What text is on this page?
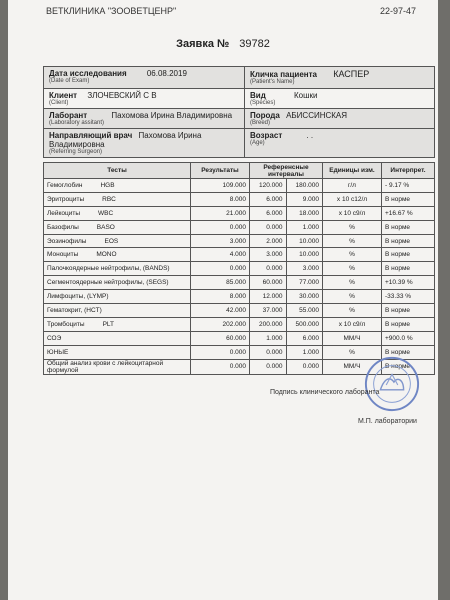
ВЕТКЛИНИКА "ЗООВЕТЦЕНР"	22-97-47
Заявка № 39782
Дата исследования 06.08.2019
(Date of Exam)	Кличка пациента КАСПЕР
(Patient's Name)

Клиент ЗЛОЧЕВСКИЙ С В
(Client)	Вид Кошки
(Species)

Лаборант Пахомова Ирина Владимировна
(Laboratory assitant)	Порода АБИССИНСКАЯ
(Breed)

Направляющий врач Пахомова Ирина Владимировна
(Referring Surgeon)	Возраст . .
(Age)
Тесты	Результаты	Референсные интервалы		Единицы изм.	Интерпрет.
Гемоглобин HGB	109.000	120.000	180.000	г/л	- 9.17 %
Эритроциты RBC	8.000	6.000	9.000	x 10 с12/л	В норме
Лейкоциты WBC	21.000	6.000	18.000	x 10 с9/л	+16.67 %
Базофилы BASO	0.000	0.000	1.000	%	В норме
Эозинофилы EOS	3.000	2.000	10.000	%	В норме
Моноциты MONO	4.000	3.000	10.000	%	В норме
Палочкоядерные нейтрофилы, (BANDS)	0.000	0.000	3.000	%	В норме
Сегментоядерные нейтрофилы, (SEGS)	85.000	60.000	77.000	%	+10.39 %
Лимфоциты, (LYMP)	8.000	12.000	30.000	%	-33.33 %
Гематокрит, (HCT)	42.000	37.000	55.000	%	В норме
Тромбоциты PLT	202.000	200.000	500.000	x 10 с9/л	В норме
СОЭ	60.000	1.000	6.000	ММ/Ч	+900.0 %
ЮНЫЕ	0.000	0.000	1.000	%	В норме
Общий анализ крови с лейкоцитарной формулой	0.000	0.000	0.000	ММ/Ч	В норме
Подпись клинического лаборанта
М.П. лаборатории
